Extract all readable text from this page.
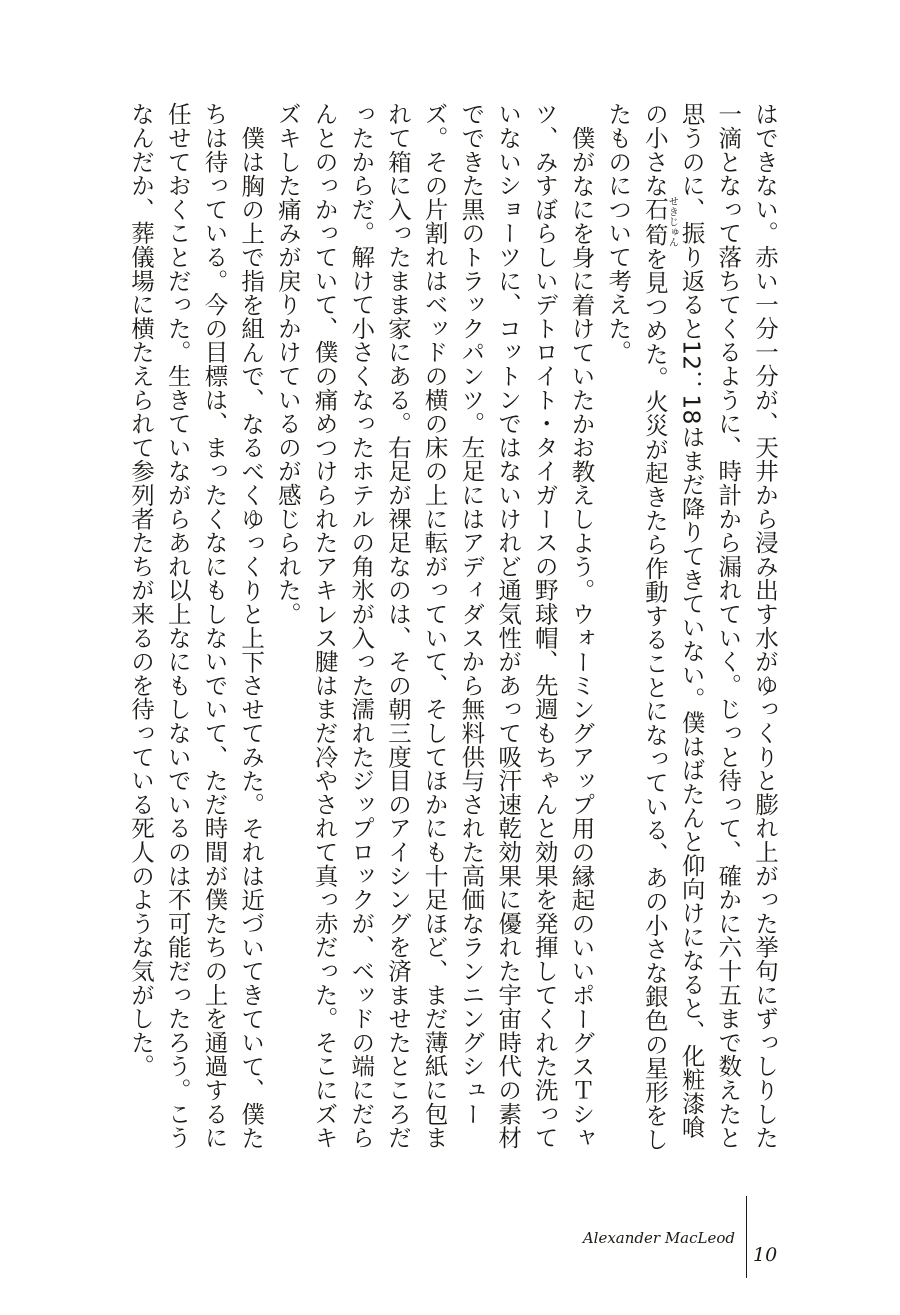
はできない。赤い一分一分が、天井から浸み出す水がゆっくりと膨れ上がった挙句にずっしりした一滴となって落ちてくるように、時計から漏れていく。じっと待って、確かに六十五まで数えたと思うのに、振り返ると12：18はまだ降りてきていない。僕はばたんと仰向けになると、化粧漆喰の小さな石筍せきじゅんを見つめた。火災が起きたら作動することになっている、あの小さな銀色の星形をしたものについて考えた。

僕がなにを身に着けていたかお教えしよう。ウォーミングアップ用の縁起のいいポーグスＴシャツ、みすぼらしいデトロイト・タイガースの野球帽、先週もちゃんと効果を発揮してくれた洗っていないショーツに、コットンではないけれど通気性があって吸汗速乾効果に優れた宇宙時代の素材でできた黒のトラックパンツ。左足にはアディダスから無料供与された高価なランニングシューズ。その片割れはベッドの横の床の上に転がっていて、そしてほかにも十足ほど、まだ薄紙に包まれて箱に入ったまま家にある。右足が裸足なのは、その朝三度目のアイシングを済ませたところだったからだ。解けて小さくなったホテルの角氷が入った濡れたジップロックが、ベッドの端にだらんとのっかっていて、僕の痛めつけられたアキレス腱はまだ冷やされて真っ赤だった。そこにズキズキした痛みが戻りかけているのが感じられた。

僕は胸の上で指を組んで、なるべくゆっくりと上下させてみた。それは近づいてきていて、僕たちは待っている。今の目標は、まったくなにもしないでいて、ただ時間が僕たちの上を通過するに任せておくことだった。生きていながらあれ以上なにもしないでいるのは不可能だったろう。こうなんだか、葬儀場に横たえられて参列者たちが来るのを待っている死人のような気がした。

Alexander MacLeod
10
